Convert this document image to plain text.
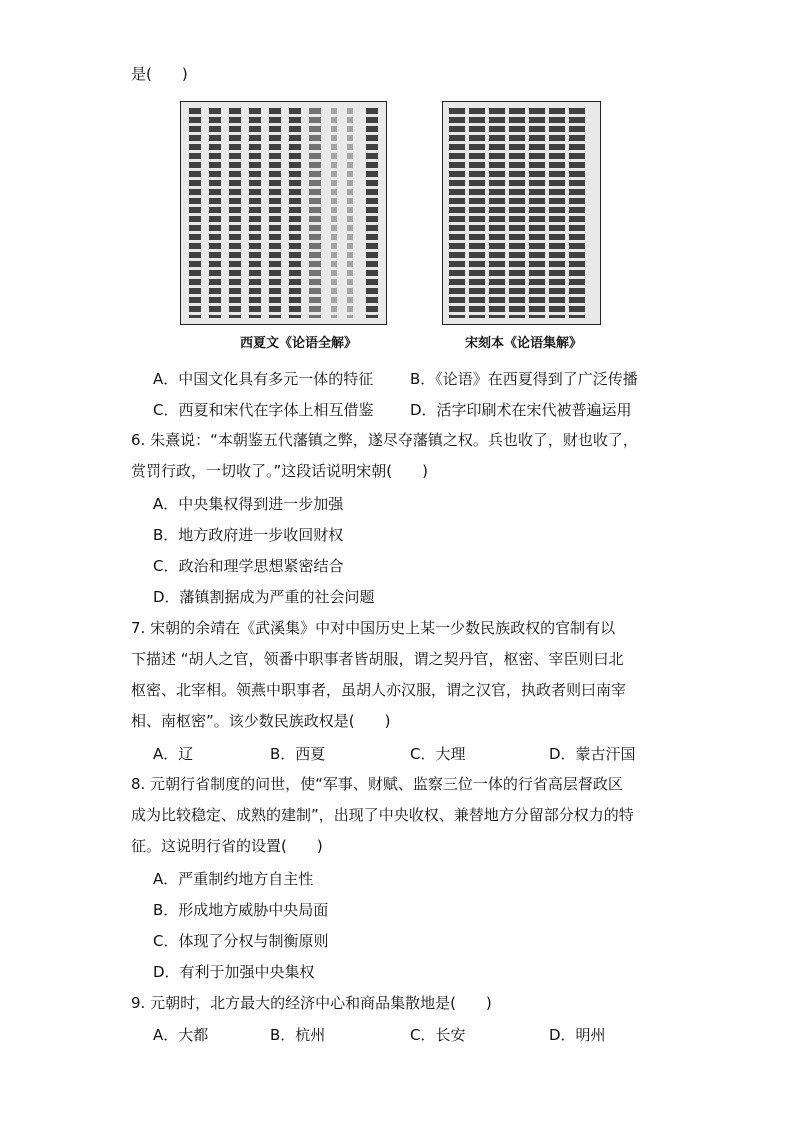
是(　　)
西夏文《论语全解》	宋刻本《论语集解》
A．中国文化具有多元一体的特征 B．《论语》在西夏得到了广泛传播
C．西夏和宋代在字体上相互借鉴 D．活字印刷术在宋代被普遍运用
6. 朱熹说：“本朝鉴五代藩镇之弊，遂尽夺藩镇之权。兵也收了，财也收了，
赏罚行政，一切收了。”这段话说明宋朝(　　)
A．中央集权得到进一步加强
B．地方政府进一步收回财权
C．政治和理学思想紧密结合
D．藩镇割据成为严重的社会问题
7. 宋朝的余靖在《武溪集》中对中国历史上某一少数民族政权的官制有以
下描述 “胡人之官，领番中职事者皆胡服，谓之契丹官，枢密、宰臣则曰北
枢密、北宰相。领燕中职事者，虽胡人亦汉服，谓之汉官，执政者则曰南宰
相、南枢密”。该少数民族政权是(　　)
A．辽	B．西夏	C．大理	D．蒙古汗国
8. 元朝行省制度的问世，使“军事、财赋、监察三位一体的行省高层督政区
成为比较稳定、成熟的建制”，出现了中央收权、兼替地方分留部分权力的特
征。这说明行省的设置(　　)
A．严重制约地方自主性
B．形成地方威胁中央局面
C．体现了分权与制衡原则
D．有利于加强中央集权
9. 元朝时，北方最大的经济中心和商品集散地是(　　)
A．大都	B．杭州	C．长安	D．明州
